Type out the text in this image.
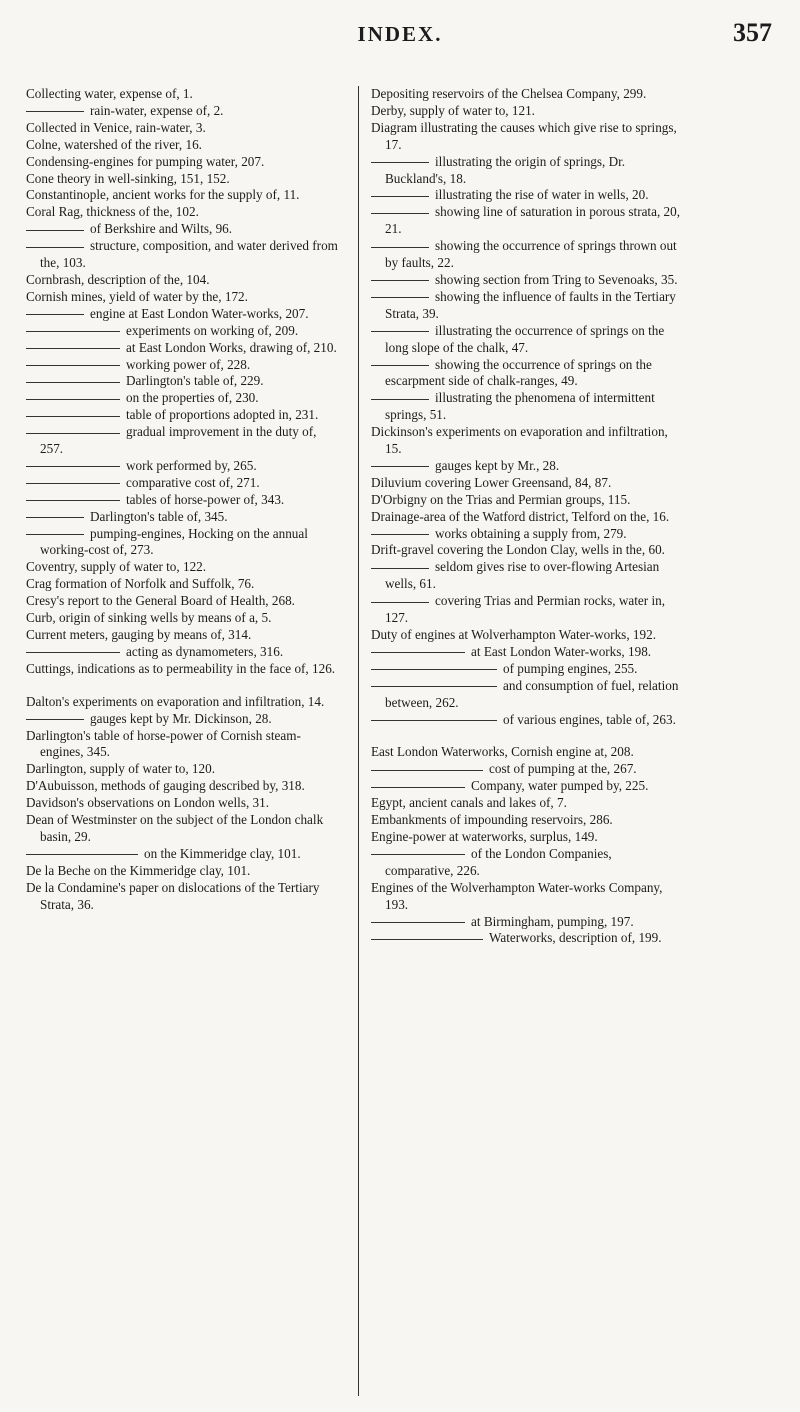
INDEX.	357
Collecting water, expense of, 1.
rain-water, expense of, 2.
Collected in Venice, rain-water, 3.
Colne, watershed of the river, 16.
Condensing-engines for pumping water, 207.
Cone theory in well-sinking, 151, 152.
Constantinople, ancient works for the supply of, 11.
Coral Rag, thickness of the, 102.
of Berkshire and Wilts, 96.
structure, composition, and water derived from the, 103.
Cornbrash, description of the, 104.
Cornish mines, yield of water by the, 172.
engine at East London Water-works, 207.
experiments on working of, 209.
at East London Works, drawing of, 210.
working power of, 228.
Darlington's table of, 229.
on the properties of, 230.
table of proportions adopted in, 231.
gradual improvement in the duty of, 257.
work performed by, 265.
comparative cost of, 271.
tables of horse-power of, 343.
Darlington's table of, 345.
pumping-engines, Hocking on the annual working-cost of, 273.
Coventry, supply of water to, 122.
Crag formation of Norfolk and Suffolk, 76.
Cresy's report to the General Board of Health, 268.
Curb, origin of sinking wells by means of a, 5.
Current meters, gauging by means of, 314.
acting as dynamometers, 316.
Cuttings, indications as to permeability in the face of, 126.
Dalton's experiments on evaporation and infiltration, 14.
gauges kept by Mr. Dickinson, 28.
Darlington's table of horse-power of Cornish steam-engines, 345.
Darlington, supply of water to, 120.
D'Aubuisson, methods of gauging described by, 318.
Davidson's observations on London wells, 31.
Dean of Westminster on the subject of the London chalk basin, 29.
on the Kimmeridge clay, 101.
De la Beche on the Kimmeridge clay, 101.
De la Condamine's paper on dislocations of the Tertiary Strata, 36.
Depositing reservoirs of the Chelsea Company, 299.
Derby, supply of water to, 121.
Diagram illustrating the causes which give rise to springs, 17.
illustrating the origin of springs, Dr. Buckland's, 18.
illustrating the rise of water in wells, 20.
showing line of saturation in porous strata, 20, 21.
showing the occurrence of springs thrown out by faults, 22.
showing section from Tring to Sevenoaks, 35.
showing the influence of faults in the Tertiary Strata, 39.
illustrating the occurrence of springs on the long slope of the chalk, 47.
showing the occurrence of springs on the escarpment side of chalk-ranges, 49.
illustrating the phenomena of intermittent springs, 51.
Dickinson's experiments on evaporation and infiltration, 15.
gauges kept by Mr., 28.
Diluvium covering Lower Greensand, 84, 87.
D'Orbigny on the Trias and Permian groups, 115.
Drainage-area of the Watford district, Telford on the, 16.
works obtaining a supply from, 279.
Drift-gravel covering the London Clay, wells in the, 60.
seldom gives rise to over-flowing Artesian wells, 61.
covering Trias and Permian rocks, water in, 127.
Duty of engines at Wolverhampton Water-works, 192.
at East London Water-works, 198.
of pumping engines, 255.
and consumption of fuel, relation between, 262.
of various engines, table of, 263.
East London Waterworks, Cornish engine at, 208.
cost of pumping at the, 267.
Company, water pumped by, 225.
Egypt, ancient canals and lakes of, 7.
Embankments of impounding reservoirs, 286.
Engine-power at waterworks, surplus, 149.
of the London Companies, comparative, 226.
Engines of the Wolverhampton Water-works Company, 193.
at Birmingham, pumping, 197.
Waterworks, description of, 199.
